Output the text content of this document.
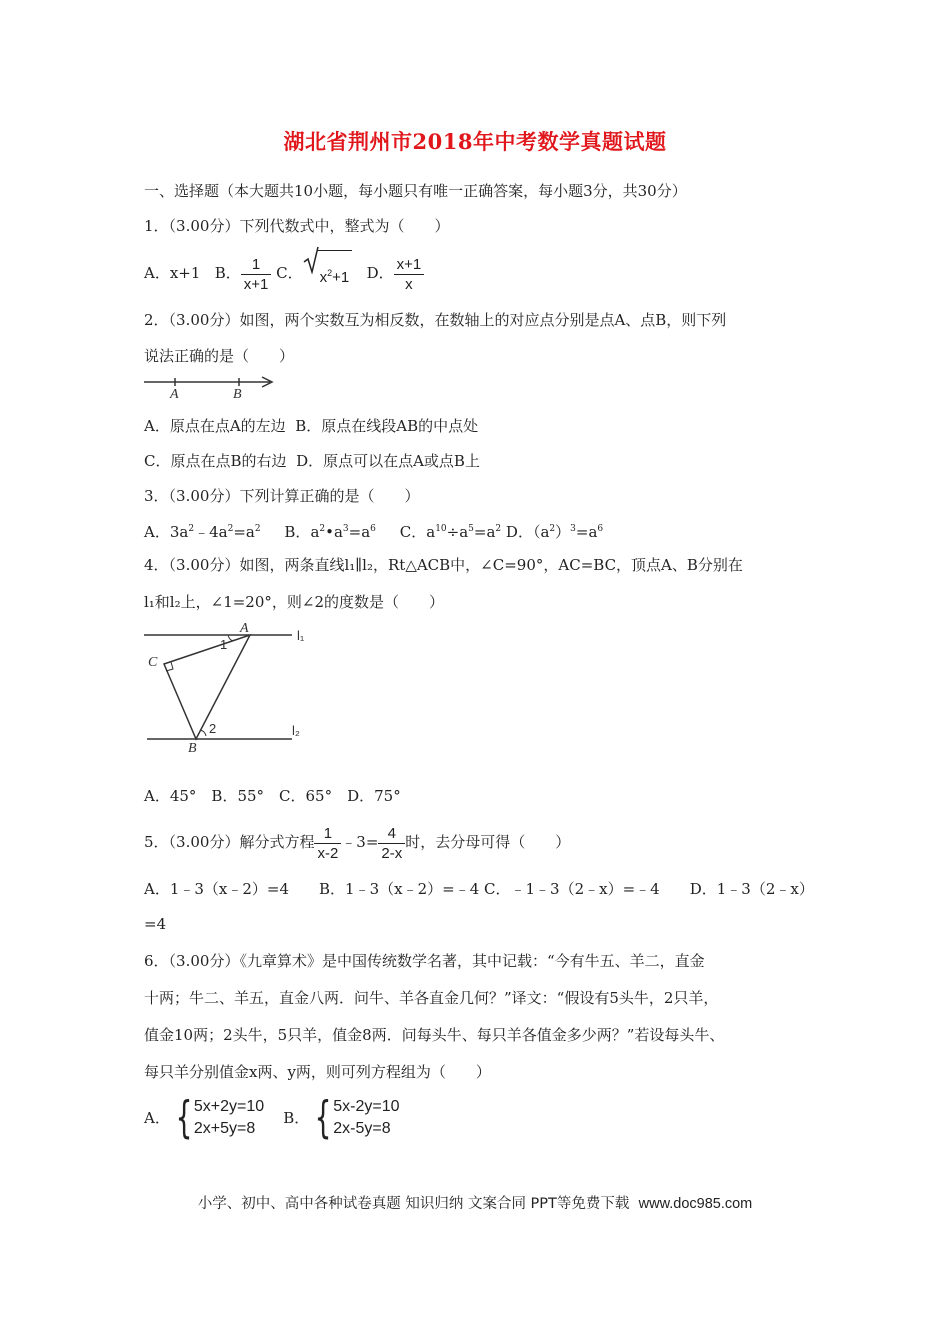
湖北省荆州市2018年中考数学真题试题
一、选择题（本大题共10小题，每小题只有唯一正确答案，每小题3分，共30分）
1．（3.00分）下列代数式中，整式为（　　）
A．x+1 B． $\frac{1}{x+1}$ C． $x^2+1$ D． $\frac{x+1}{x}$
2．（3.00分）如图，两个实数互为相反数，在数轴上的对应点分别是点A、点B，则下列
说法正确的是（　　）
A	B
A．原点在点A的左边 B．原点在线段AB的中点处
C．原点在点B的右边 D．原点可以在点A或点B上
3．（3.00分）下列计算正确的是（　　）
A．$3a^2﹣4a^2=a^2$ B．$a^2•a^3=a^6$ C．$a^{10}\div a^5=a^2$ D．$(a^2)^3=a^6$
4．（3.00分）如图，两条直线l₁∥l₂，Rt△ACB中，∠C=90°，AC=BC，顶点A、B分别在
l₁和l₂上，∠1=20°，则∠2的度数是（　　）
A
C
B
1
2
l₁
l₂
A．45°　B．55°　C．65°　D．75°
5．（3.00分）解分式方程 $\frac{1}{x-2}$ ﹣3= $\frac{4}{2-x}$ 时，去分母可得（　　）
A．1﹣3（x﹣2）=4　　B．1﹣3（x﹣2）=﹣4 C．﹣1﹣3（2﹣x）=﹣4　　D．1﹣3（2﹣x）
=4
6．（3.00分）《九章算术》是中国传统数学名著，其中记载：“今有牛五、羊二，直金
十两；牛二、羊五，直金八两．问牛、羊各直金几何？”译文：“假设有5头牛，2只羊，
值金10两；2头牛，5只羊，值金8两．问每头牛、每只羊各值金多少两？”若设每头牛、
每只羊分别值金x两、y两，则可列方程组为（　　）
A． { 5x+2y=10
2x+5y=8    B． {5x-2y=10
2x-5y=8
小学、初中、高中各种试卷真题 知识归纳 文案合同 PPT等免费下载 www.doc985.com
